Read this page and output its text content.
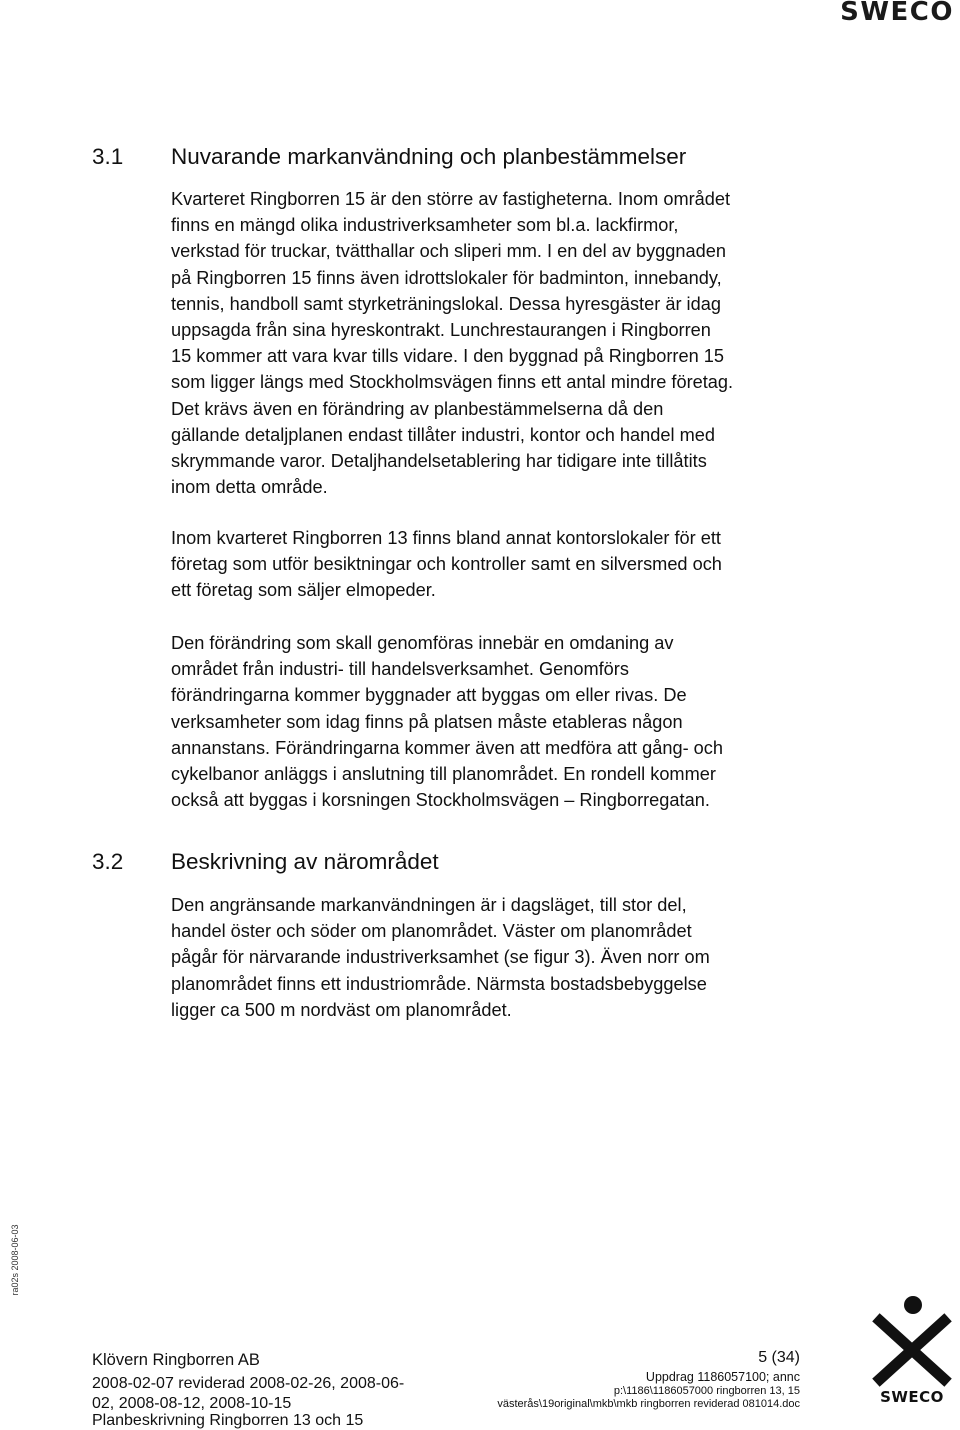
SWECO
3.1 Nuvarande markanvändning och planbestämmelser

Kvarteret Ringborren 15 är den större av fastigheterna. Inom området
finns en mängd olika industriverksamheter som bl.a. lackfirmor,
verkstad för truckar, tvätthallar och sliperi mm. I en del av byggnaden
på Ringborren 15 finns även idrottslokaler för badminton, innebandy,
tennis, handboll samt styrketräningslokal. Dessa hyresgäster är idag
uppsagda från sina hyreskontrakt. Lunchrestaurangen i Ringborren
15 kommer att vara kvar tills vidare. I den byggnad på Ringborren 15
som ligger längs med Stockholmsvägen finns ett antal mindre företag.
Det krävs även en förändring av planbestämmelserna då den
gällande detaljplanen endast tillåter industri, kontor och handel med
skrymmande varor. Detaljhandelsetablering har tidigare inte tillåtits
inom detta område.

Inom kvarteret Ringborren 13 finns bland annat kontorslokaler för ett
företag som utför besiktningar och kontroller samt en silversmed och
ett företag som säljer elmopeder.

Den förändring som skall genomföras innebär en omdaning av
området från industri- till handelsverksamhet. Genomförs
förändringarna kommer byggnader att byggas om eller rivas. De
verksamheter som idag finns på platsen måste etableras någon
annanstans. Förändringarna kommer även att medföra att gång- och
cykelbanor anläggs i anslutning till planområdet. En rondell kommer
också att byggas i korsningen Stockholmsvägen – Ringborregatan.

3.2 Beskrivning av närområdet

Den angränsande markanvändningen är i dagsläget, till stor del,
handel öster och söder om planområdet. Väster om planområdet
pågår för närvarande industriverksamhet (se figur 3). Även norr om
planområdet finns ett industriområde. Närmsta bostadsbebyggelse
ligger ca 500 m nordväst om planområdet.

ra02s 2008-06-03
Klövern Ringborren AB
2008-02-07 reviderad 2008-02-26, 2008-06-
02, 2008-08-12, 2008-10-15
Planbeskrivning Ringborren 13 och 15
5 (34)
Uppdrag 1186057100; annc
p:\1186\1186057000 ringborren 13, 15
västerås\19original\mkb\mkb ringborren reviderad 081014.doc	SWECO
